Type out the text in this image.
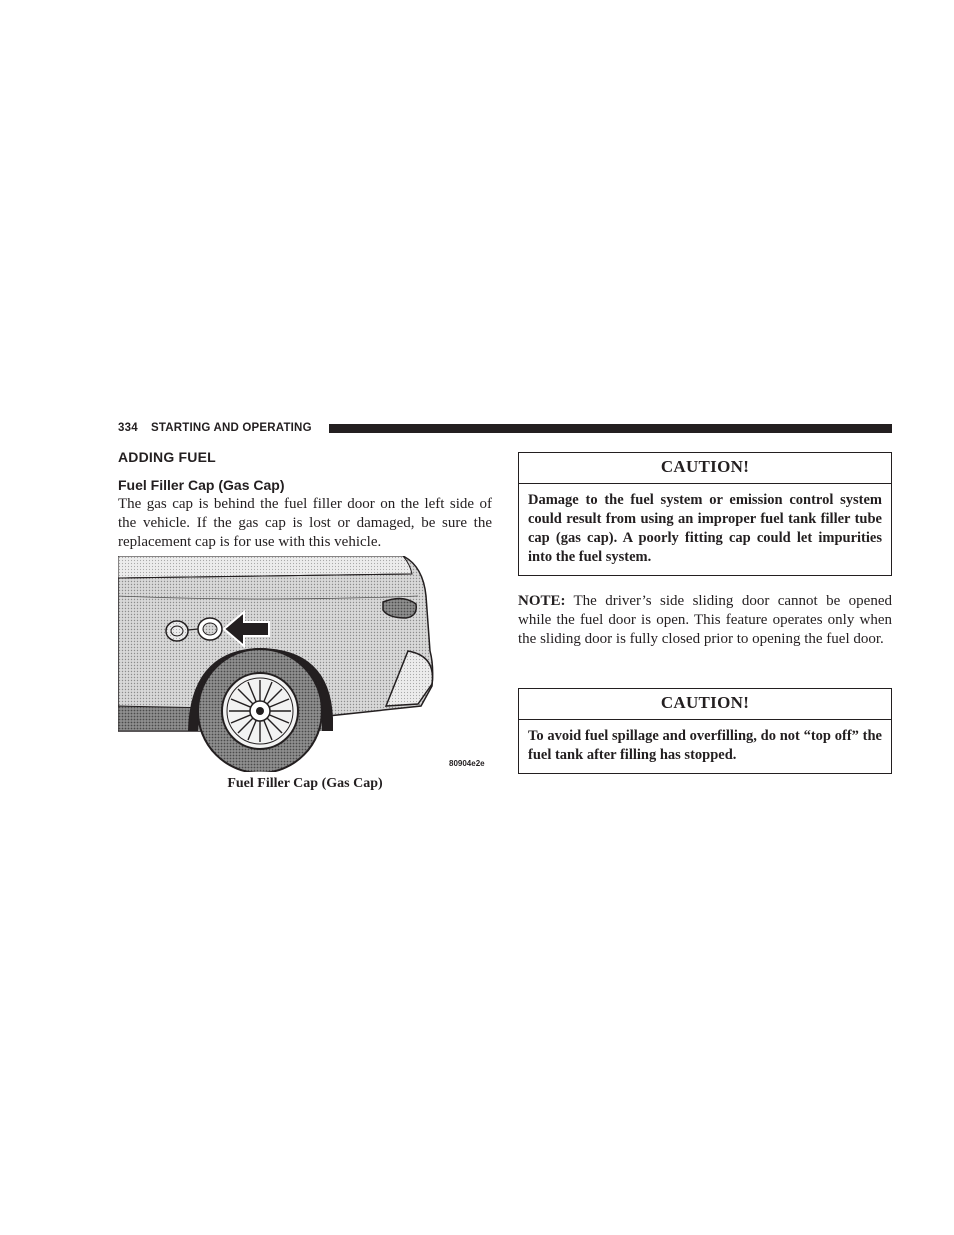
334 STARTING AND OPERATING
ADDING FUEL
Fuel Filler Cap (Gas Cap)
The gas cap is behind the fuel filler door on the left side of the vehicle. If the gas cap is lost or damaged, be sure the replacement cap is for use with this vehicle.
80904e2e
Fuel Filler Cap (Gas Cap)
CAUTION!
Damage to the fuel system or emission control system could result from using an improper fuel tank filler tube cap (gas cap). A poorly fitting cap could let impurities into the fuel system.
NOTE: The driver’s side sliding door cannot be opened while the fuel door is open. This feature operates only when the sliding door is fully closed prior to opening the fuel door.
CAUTION!
To avoid fuel spillage and overfilling, do not “top off” the fuel tank after filling has stopped.
